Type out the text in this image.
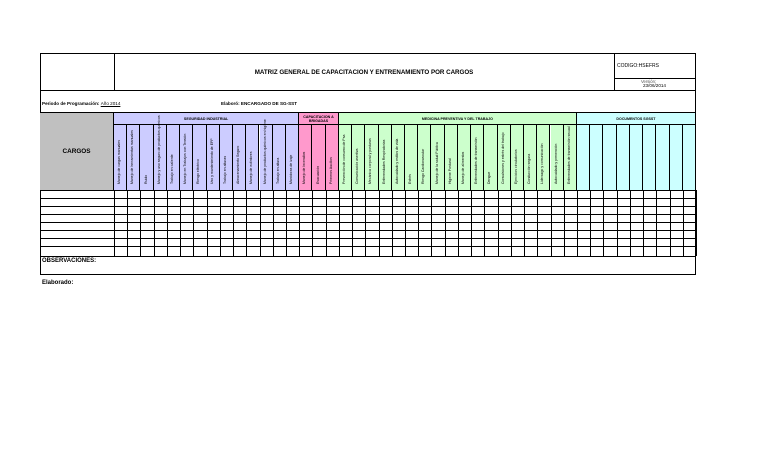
MATRIZ GENERAL DE CAPACITACION Y ENTRENAMIENTO POR CARGOS
CODIGO:HSEFRS
Versión:
23/06/2014
Periodo de Programación: Año 2014	Elaboró: ENCARGADO DE SG-SST
CARGOS
SEGURIDAD INDUSTRIAL
Manejo de cargas manuales	Manejo de herramientas manuales	Ruido	Manejo y uso seguro de productos químicos	Trabajo en caliente	Manejo en Trabajos con Tensión	Riesgo eléctrico	Uso y mantenimiento de EPP	Trabajo en alturas	Almacenamiento Seguro	Manejo de extintores	Manejo de productos químicos en higiene	Trabajo en altura	Maniobras de izaje
CAPACITACION A BRIGADAS
Manejo de Incendios	Evacuación	Primeros Auxilios
MEDICINA PREVENTIVA Y DEL TRABAJO
Prevención de consumo de Psa	Comunicación asertiva	Mecánica corporal y posturas	Enfermedades Respiratorias	Autocuidado y estilos de vida	Estrés	Riesgo Cardiovascular	Manejo de la salud Pública	Higiene Postural	Manejo de alimentos	Enfermedades de transmisión	Dengue	Convulsiones y estrés del trabajo	Ejercicios circulatorios	Conducción segura	Liderazgo y comunicación	Autocuidado y prevención	Enfermedades de transmisión sexual
DOCUMENTOS SGSST
OBSERVACIONES:
Elaborado:
